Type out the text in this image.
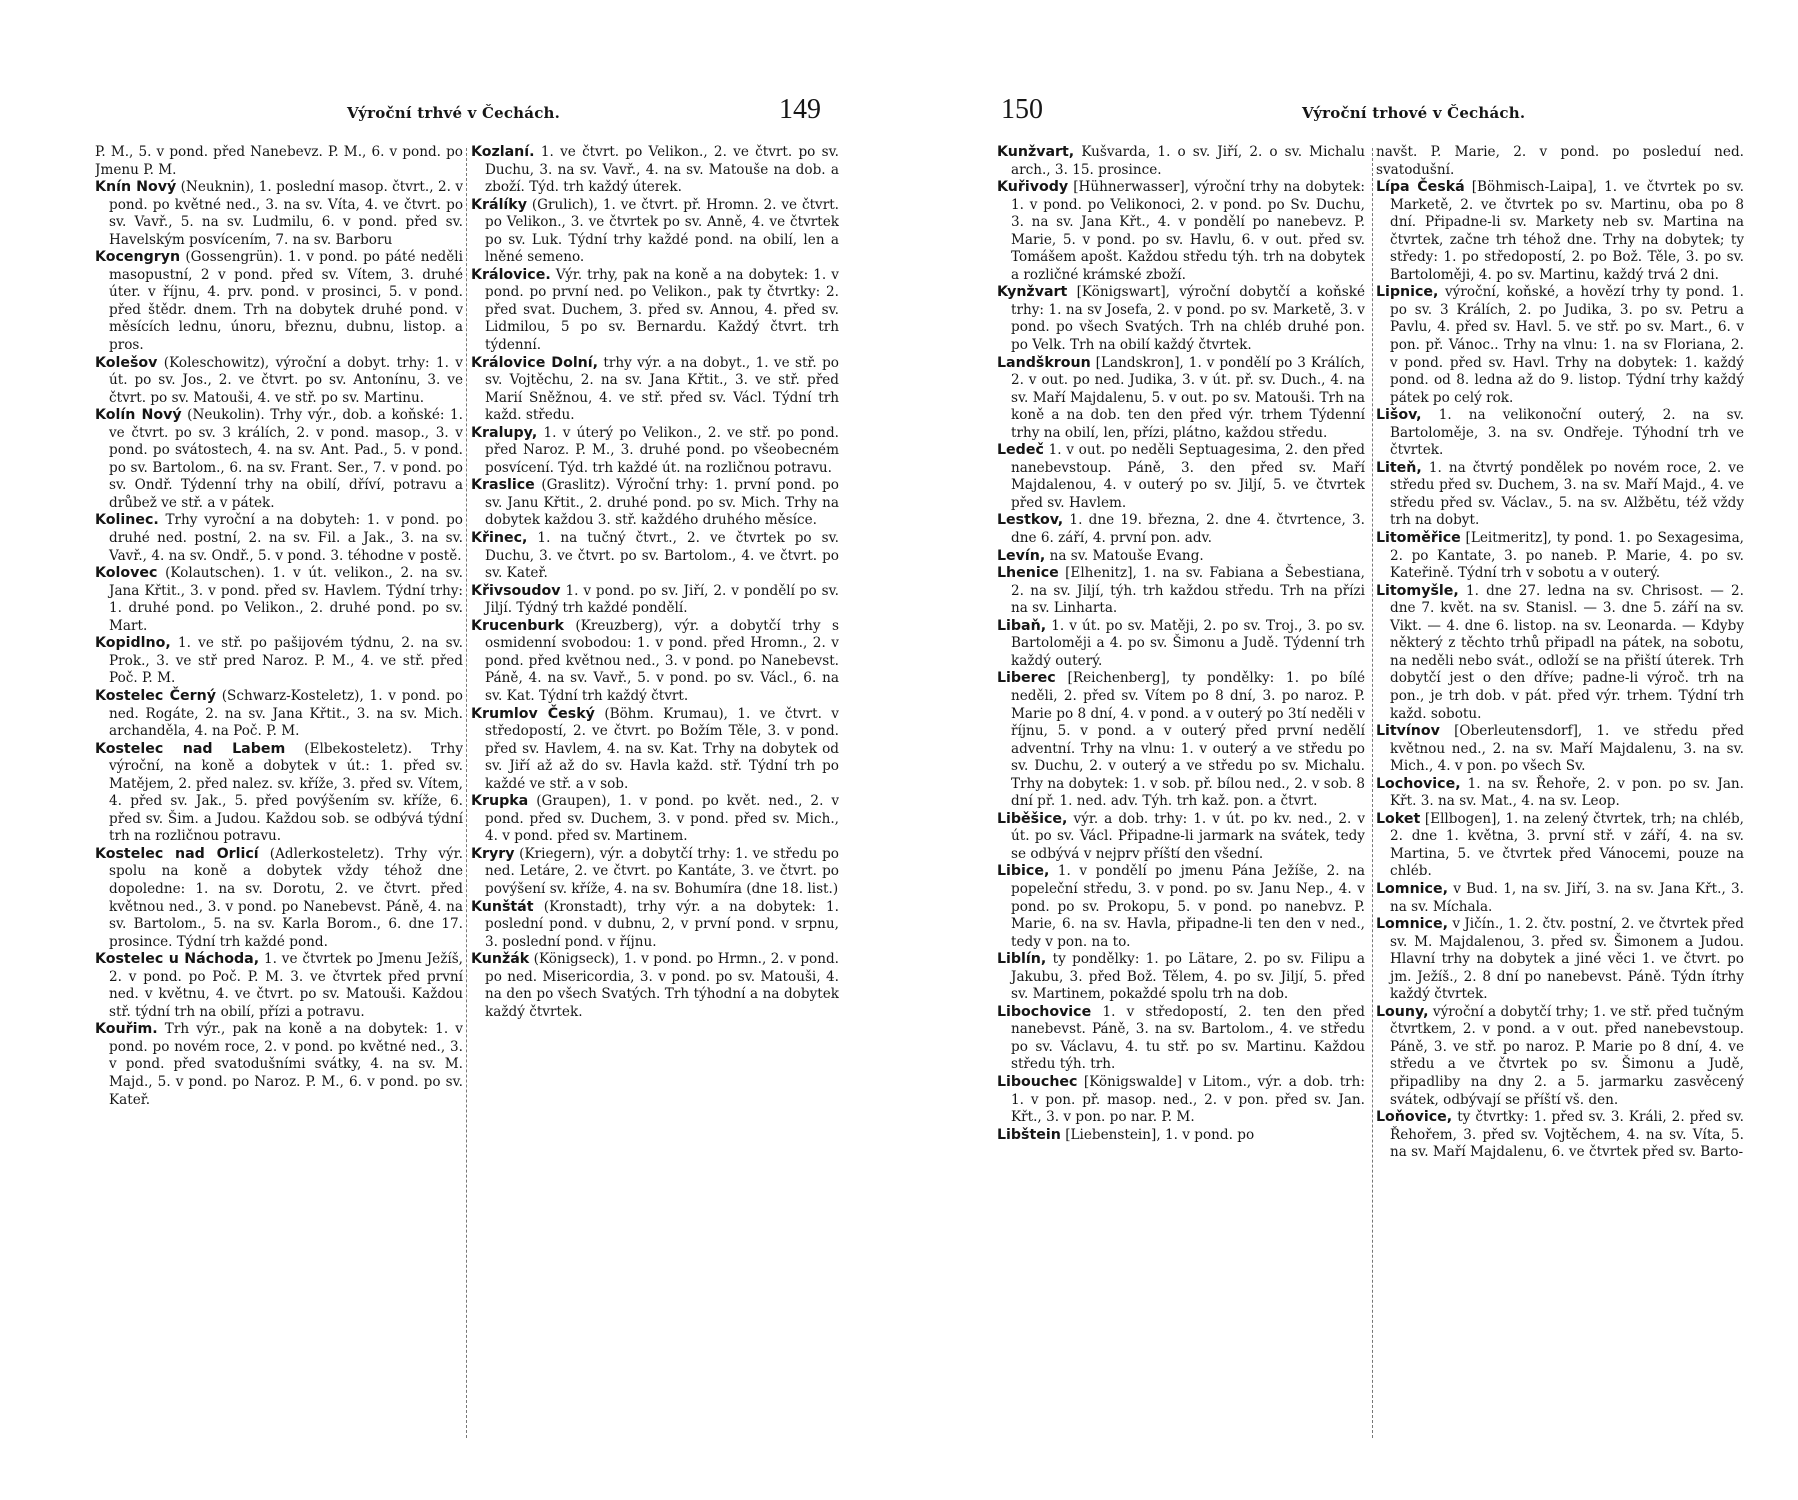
Výroční trhvé v Čechách.	149

P. M., 5. v pond. před Nanebevz. P. M., 6. v pond. po Jmenu P. M.

Knín Nový (Neuknin), 1. poslední masop. čtvrt., 2. v pond. po květné ned., 3. na sv. Víta, 4. ve čtvrt. po sv. Vavř., 5. na sv. Ludmilu, 6. v pond. před sv. Havelským posvícením, 7. na sv. Barboru

Kocengryn (Gossengrün). 1. v pond. po páté neděli masopustní, 2 v pond. před sv. Vítem, 3. druhé úter. v říjnu, 4. prv. pond. v prosinci, 5. v pond. před štědr. dnem. Trh na dobytek druhé pond. v měsících lednu, únoru, březnu, dubnu, listop. a pros.

Kolešov (Koleschowitz), výroční a dobyt. trhy: 1. v út. po sv. Jos., 2. ve čtvrt. po sv. Antonínu, 3. ve čtvrt. po sv. Matouši, 4. ve stř. po sv. Martinu.

Kolín Nový (Neukolin). Trhy výr., dob. a koňské: 1. ve čtvrt. po sv. 3 králích, 2. v pond. masop., 3. v pond. po svátostech, 4. na sv. Ant. Pad., 5. v pond. po sv. Bartolom., 6. na sv. Frant. Ser., 7. v pond. po sv. Ondř. Týdenní trhy na obilí, dříví, potravu a drůbež ve stř. a v pátek.

Kolinec. Trhy vyroční a na dobyteh: 1. v pond. po druhé ned. postní, 2. na sv. Fil. a Jak., 3. na sv. Vavř., 4. na sv. Ondř., 5. v pond. 3. téhodne v postě.

Kolovec (Kolautschen). 1. v út. velikon., 2. na sv. Jana Křtit., 3. v pond. před sv. Havlem. Týdní trhy: 1. druhé pond. po Velikon., 2. druhé pond. po sv. Mart.

Kopidlno, 1. ve stř. po pašijovém týdnu, 2. na sv. Prok., 3. ve stř pred Naroz. P. M., 4. ve stř. před Poč. P. M.

Kostelec Černý (Schwarz-Kosteletz), 1. v pond. po ned. Rogáte, 2. na sv. Jana Křtit., 3. na sv. Mich. archanděla, 4. na Poč. P. M.

Kostelec nad Labem (Elbekosteletz). Trhy výroční, na koně a dobytek v út.: 1. před sv. Matějem, 2. před nalez. sv. kříže, 3. před sv. Vítem, 4. před sv. Jak., 5. před povýšením sv. kříže, 6. před sv. Šim. a Judou. Každou sob. se odbývá týdní trh na rozličnou potravu.

Kostelec nad Orlicí (Adlerkosteletz). Trhy výr. spolu na koně a dobytek vždy téhož dne dopoledne: 1. na sv. Dorotu, 2. ve čtvrt. před květnou ned., 3. v pond. po Nanebevst. Páně, 4. na sv. Bartolom., 5. na sv. Karla Borom., 6. dne 17. prosince. Týdní trh každé pond.

Kostelec u Náchoda, 1. ve čtvrtek po Jmenu Ježíš, 2. v pond. po Poč. P. M. 3. ve čtvrtek před první ned. v květnu, 4. ve čtvrt. po sv. Matouši. Každou stř. týdní trh na obilí, přízi a potravu.

Kouřim. Trh výr., pak na koně a na dobytek: 1. v pond. po novém roce, 2. v pond. po květné ned., 3. v pond. před svatodušními svátky, 4. na sv. M. Majd., 5. v pond. po Naroz. P. M., 6. v pond. po sv. Kateř.

Kozlaní. 1. ve čtvrt. po Velikon., 2. ve čtvrt. po sv. Duchu, 3. na sv. Vavř., 4. na sv. Matouše na dob. a zboží. Týd. trh každý úterek.

Králíky (Grulich), 1. ve čtvrt. př. Hromn. 2. ve čtvrt. po Velikon., 3. ve čtvrtek po sv. Anně, 4. ve čtvrtek po sv. Luk. Týdní trhy každé pond. na obilí, len a lněné semeno.

Královice. Výr. trhy, pak na koně a na dobytek: 1. v pond. po první ned. po Velikon., pak ty čtvrtky: 2. před svat. Duchem, 3. před sv. Annou, 4. před sv. Lidmilou, 5 po sv. Bernardu. Každý čtvrt. trh týdenní.

Královice Dolní, trhy výr. a na dobyt., 1. ve stř. po sv. Vojtěchu, 2. na sv. Jana Křtit., 3. ve stř. před Marií Sněžnou, 4. ve stř. před sv. Václ. Týdní trh každ. středu.

Kralupy, 1. v úterý po Velikon., 2. ve stř. po pond. před Naroz. P. M., 3. druhé pond. po všeobecném posvícení. Týd. trh každé út. na rozličnou potravu.

Kraslice (Graslitz). Výroční trhy: 1. první pond. po sv. Janu Křtit., 2. druhé pond. po sv. Mich. Trhy na dobytek každou 3. stř. každého druhého měsíce.

Křinec, 1. na tučný čtvrt., 2. ve čtvrtek po sv. Duchu, 3. ve čtvrt. po sv. Bartolom., 4. ve čtvrt. po sv. Kateř.

Křivsoudov 1. v pond. po sv. Jiří, 2. v pondělí po sv. Jiljí. Týdný trh každé pondělí.

Krucenburk (Kreuzberg), výr. a dobytčí trhy s osmidenní svobodou: 1. v pond. před Hromn., 2. v pond. před květnou ned., 3. v pond. po Nanebevst. Páně, 4. na sv. Vavř., 5. v pond. po sv. Václ., 6. na sv. Kat. Týdní trh každý čtvrt.

Krumlov Český (Böhm. Krumau), 1. ve čtvrt. v středopostí, 2. ve čtvrt. po Božím Těle, 3. v pond. před sv. Havlem, 4. na sv. Kat. Trhy na dobytek od sv. Jiří až až do sv. Havla každ. stř. Týdní trh po každé ve stř. a v sob.

Krupka (Graupen), 1. v pond. po květ. ned., 2. v pond. před sv. Duchem, 3. v pond. před sv. Mich., 4. v pond. před sv. Martinem.

Kryry (Kriegern), výr. a dobytčí trhy: 1. ve středu po ned. Letáre, 2. ve čtvrt. po Kantáte, 3. ve čtvrt. po povýšení sv. kříže, 4. na sv. Bohumíra (dne 18. list.)

Kunštát (Kronstadt), trhy výr. a na dobytek: 1. poslední pond. v dubnu, 2, v první pond. v srpnu, 3. poslední pond. v říjnu.

Kunžák (Königseck), 1. v pond. po Hrmn., 2. v pond. po ned. Misericordia, 3. v pond. po sv. Matouši, 4. na den po všech Svatých. Trh týhodní a na dobytek každý čtvrtek.

150	Výroční trhové v Čechách.

Kunžvart, Kušvarda, 1. o sv. Jiří, 2. o sv. Michalu arch., 3. 15. prosince.

Kuřivody [Hühnerwasser], výroční trhy na dobytek: 1. v pond. po Velikonoci, 2. v pond. po Sv. Duchu, 3. na sv. Jana Křt., 4. v pondělí po nanebevz. P. Marie, 5. v pond. po sv. Havlu, 6. v out. před sv. Tomášem apošt. Každou středu týh. trh na dobytek a rozličné krámské zboží.

Kynžvart [Königswart], výroční dobytčí a koňské trhy: 1. na sv Josefa, 2. v pond. po sv. Marketě, 3. v pond. po všech Svatých. Trh na chléb druhé pon. po Velk. Trh na obilí každý čtvrtek.

Landškroun [Landskron], 1. v pondělí po 3 Králích, 2. v out. po ned. Judika, 3. v út. př. sv. Duch., 4. na sv. Maří Majdalenu, 5. v out. po sv. Matouši. Trh na koně a na dob. ten den před výr. trhem Týdenní trhy na obilí, len, přízi, plátno, každou středu.

Ledeč 1. v out. po neděli Septuagesima, 2. den před nanebevstoup. Páně, 3. den před sv. Maří Majdalenou, 4. v outerý po sv. Jiljí, 5. ve čtvrtek před sv. Havlem.

Lestkov, 1. dne 19. března, 2. dne 4. čtvrtence, 3. dne 6. září, 4. první pon. adv.

Levín, na sv. Matouše Evang.

Lhenice [Elhenitz], 1. na sv. Fabiana a Šebestiana, 2. na sv. Jiljí, týh. trh každou středu. Trh na přízi na sv. Linharta.

Libaň, 1. v út. po sv. Matěji, 2. po sv. Troj., 3. po sv. Bartoloměji a 4. po sv. Šimonu a Judě. Týdenní trh každý outerý.

Liberec [Reichenberg], ty pondělky: 1. po bílé neděli, 2. před sv. Vítem po 8 dní, 3. po naroz. P. Marie po 8 dní, 4. v pond. a v outerý po 3tí neděli v říjnu, 5. v pond. a v outerý před první nedělí adventní. Trhy na vlnu: 1. v outerý a ve středu po sv. Duchu, 2. v outerý a ve středu po sv. Michalu. Trhy na dobytek: 1. v sob. př. bílou ned., 2. v sob. 8 dní př. 1. ned. adv. Týh. trh kaž. pon. a čtvrt.

Liběšice, výr. a dob. trhy: 1. v út. po kv. ned., 2. v út. po sv. Václ. Připadne-li jarmark na svátek, tedy se odbývá v nejprv příští den všední.

Libice, 1. v pondělí po jmenu Pána Ježíše, 2. na popeleční středu, 3. v pond. po sv. Janu Nep., 4. v pond. po sv. Prokopu, 5. v pond. po nanebvz. P. Marie, 6. na sv. Havla, připadne-li ten den v ned., tedy v pon. na to.

Liblín, ty pondělky: 1. po Lätare, 2. po sv. Filipu a Jakubu, 3. před Bož. Tělem, 4. po sv. Jiljí, 5. před sv. Martinem, pokaždé spolu trh na dob.

Libochovice 1. v středopostí, 2. ten den před nanebevst. Páně, 3. na sv. Bartolom., 4. ve středu po sv. Václavu, 4. tu stř. po sv. Martinu. Každou středu týh. trh.

Libouchec [Königswalde] v Litom., výr. a dob. trh: 1. v pon. př. masop. ned., 2. v pon. před sv. Jan. Křt., 3. v pon. po nar. P. M.

Libštein [Liebenstein], 1. v pond. po

navšt. P. Marie, 2. v pond. po posleduí ned. svatodušní.

Lípa Česká [Böhmisch-Laipa], 1. ve čtvrtek po sv. Marketě, 2. ve čtvrtek po sv. Martinu, oba po 8 dní. Připadne-li sv. Markety neb sv. Martina na čtvrtek, začne trh téhož dne. Trhy na dobytek; ty středy: 1. po středopostí, 2. po Bož. Těle, 3. po sv. Bartoloměji, 4. po sv. Martinu, každý trvá 2 dni.

Lipnice, výroční, koňské, a hovězí trhy ty pond. 1. po sv. 3 Králích, 2. po Judika, 3. po sv. Petru a Pavlu, 4. před sv. Havl. 5. ve stř. po sv. Mart., 6. v pon. př. Vánoc.. Trhy na vlnu: 1. na sv Floriana, 2. v pond. před sv. Havl. Trhy na dobytek: 1. každý pond. od 8. ledna až do 9. listop. Týdní trhy každý pátek po celý rok.

Lišov, 1. na velikonoční outerý, 2. na sv. Bartoloměje, 3. na sv. Ondřeje. Týhodní trh ve čtvrtek.

Liteň, 1. na čtvrtý pondělek po novém roce, 2. ve středu před sv. Duchem, 3. na sv. Maří Majd., 4. ve středu před sv. Václav., 5. na sv. Alžbětu, též vždy trh na dobyt.

Litoměřice [Leitmeritz], ty pond. 1. po Sexagesima, 2. po Kantate, 3. po naneb. P. Marie, 4. po sv. Kateřině. Týdní trh v sobotu a v outerý.

Litomyšle, 1. dne 27. ledna na sv. Chrisost. — 2. dne 7. květ. na sv. Stanisl. — 3. dne 5. září na sv. Vikt. — 4. dne 6. listop. na sv. Leonarda. — Kdyby některý z těchto trhů připadl na pátek, na sobotu, na neděli nebo svát., odloží se na přiští úterek. Trh dobytčí jest o den dříve; padne-li výroč. trh na pon., je trh dob. v pát. před výr. trhem. Týdní trh každ. sobotu.

Litvínov [Oberleutensdorf], 1. ve středu před květnou ned., 2. na sv. Maří Majdalenu, 3. na sv. Mich., 4. v pon. po všech Sv.

Lochovice, 1. na sv. Řehoře, 2. v pon. po sv. Jan. Křt. 3. na sv. Mat., 4. na sv. Leop.

Loket [Ellbogen], 1. na zelený čtvrtek, trh; na chléb, 2. dne 1. května, 3. první stř. v září, 4. na sv. Martina, 5. ve čtvrtek před Vánocemi, pouze na chléb.

Lomnice, v Bud. 1, na sv. Jiří, 3. na sv. Jana Křt., 3. na sv. Míchala.

Lomnice, v Jičín., 1. 2. čtv. postní, 2. ve čtvrtek před sv. M. Majdalenou, 3. před sv. Šimonem a Judou. Hlavní trhy na dobytek a jiné věci 1. ve čtvrt. po jm. Ježíš., 2. 8 dní po nanebevst. Páně. Týdn ítrhy každý čtvrtek.

Louny, výroční a dobytčí trhy; 1. ve stř. před tučným čtvrtkem, 2. v pond. a v out. před nanebevstoup. Páně, 3. ve stř. po naroz. P. Marie po 8 dní, 4. ve středu a ve čtvrtek po sv. Šimonu a Judě, připadliby na dny 2. a 5. jarmarku zasvěcený svátek, odbývají se příští vš. den.

Loňovice, ty čtvrtky: 1. před sv. 3. Králi, 2. před sv. Řehořem, 3. před sv. Vojtěchem, 4. na sv. Víta, 5. na sv. Maří Majdalenu, 6. ve čtvrtek před sv. Barto-
